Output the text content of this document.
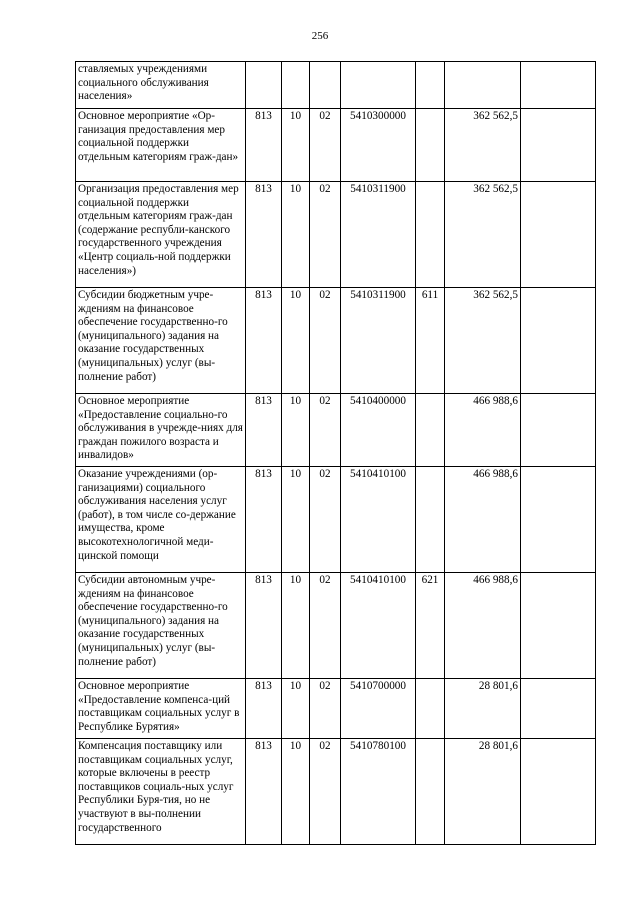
256
ставляемых учреждениями социального обслуживания населения»							
Основное мероприятие «Ор-ганизация предоставления мер социальной поддержки отдельным категориям граж-дан»	813	10	02	5410300000		362 562,5	
Организация предоставления мер социальной поддержки отдельным категориям граж-дан (содержание республи-канского государственного учреждения «Центр социаль-ной поддержки населения»)	813	10	02	5410311900		362 562,5	
Субсидии бюджетным учре-ждениям на финансовое обеспечение государственно-го (муниципального) задания на оказание государственных (муниципальных) услуг (вы-полнение работ)	813	10	02	5410311900	611	362 562,5	
Основное мероприятие «Предоставление социально-го обслуживания в учрежде-ниях для граждан пожилого возраста и инвалидов»	813	10	02	5410400000		466 988,6	
Оказание учреждениями (ор-ганизациями) социального обслуживания населения услуг (работ), в том числе со-держание имущества, кроме высокотехнологичной меди-цинской помощи	813	10	02	5410410100		466 988,6	
Субсидии автономным учре-ждениям на финансовое обеспечение государственно-го (муниципального) задания на оказание государственных (муниципальных) услуг (вы-полнение работ)	813	10	02	5410410100	621	466 988,6	
Основное мероприятие «Предоставление компенса-ций поставщикам социальных услуг в Республике Бурятия»	813	10	02	5410700000		28 801,6	
Компенсация поставщику или поставщикам социальных услуг, которые включены в реестр поставщиков социаль-ных услуг Республики Буря-тия, но не участвуют в вы-полнении государственного	813	10	02	5410780100		28 801,6	
